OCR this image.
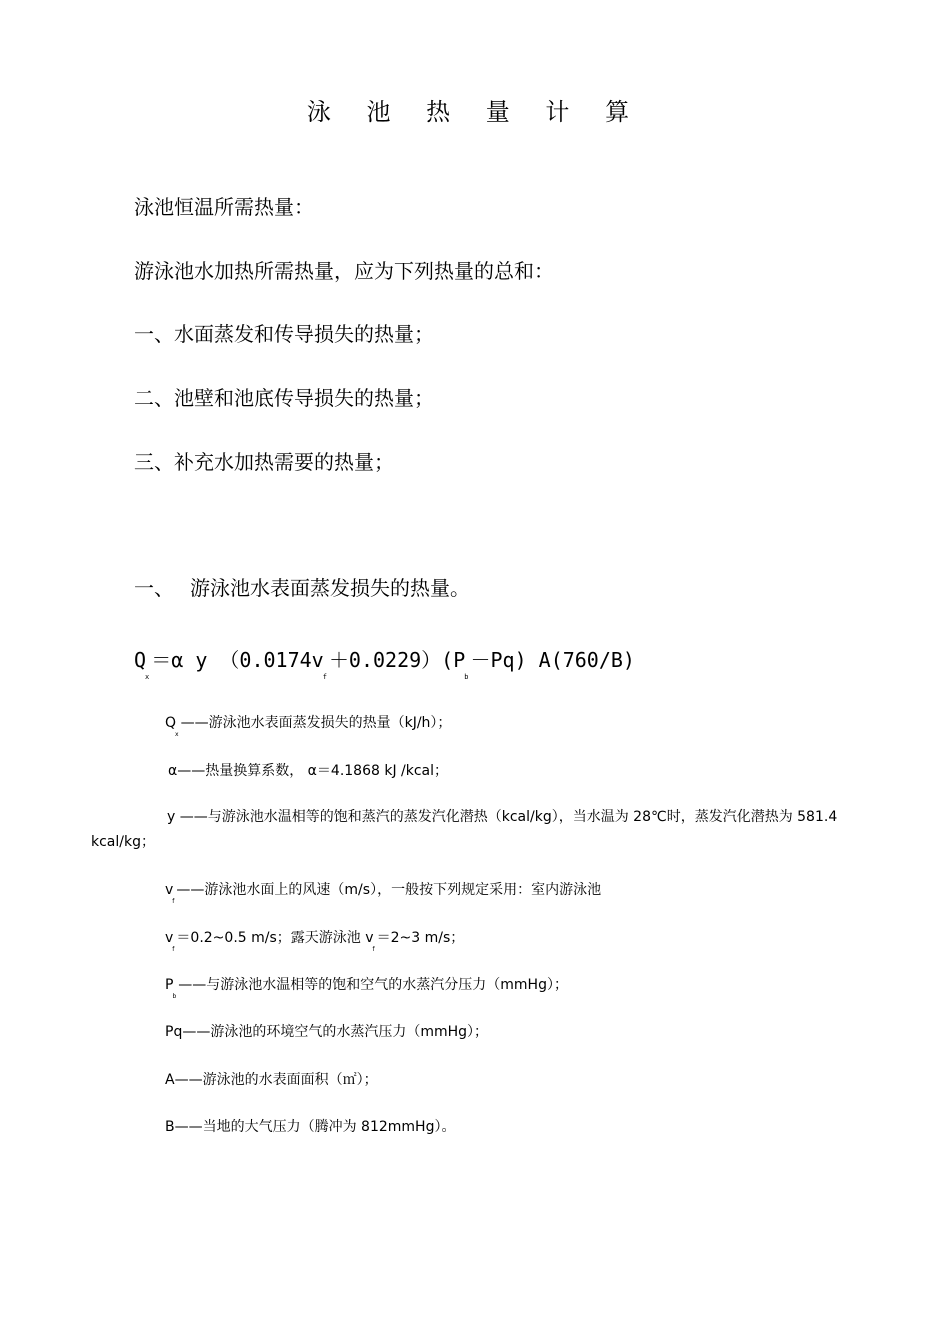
泳 池 热 量 计 算
泳池恒温所需热量：
游泳池水加热所需热量，应为下列热量的总和：
一、水面蒸发和传导损失的热量；
二、池壁和池底传导损失的热量；
三、补充水加热需要的热量；
一、 游泳池水表面蒸发损失的热量。
$Q_x=\alpha$ y $(0.0174v_f+0.0229)(P_b-Pq)$ A(760/B)
$Q_x——$游泳池水表面蒸发损失的热量（kJ/h）；
α——热量换算系数， α＝4.1868 kJ /kcal；
y ——与游泳池水温相等的饱和蒸汽的蒸发汽化潜热（kcal/kg），当水温为 28℃时，蒸发汽化潜热为 581.4 kcal/kg；
$v_f——$游泳池水面上的风速（m/s），一般按下列规定采用：室内游泳池
$v_f=0.2\sim 0.5$ m/s；露天游泳池 $v_f=2\sim 3$ m/s；
$P_b——$与游泳池水温相等的饱和空气的水蒸汽分压力（mmHg）；
Pq——游泳池的环境空气的水蒸汽压力（mmHg）；
A——游泳池的水表面面积（㎡）；
B——当地的大气压力（腾冲为 812mmHg）。
